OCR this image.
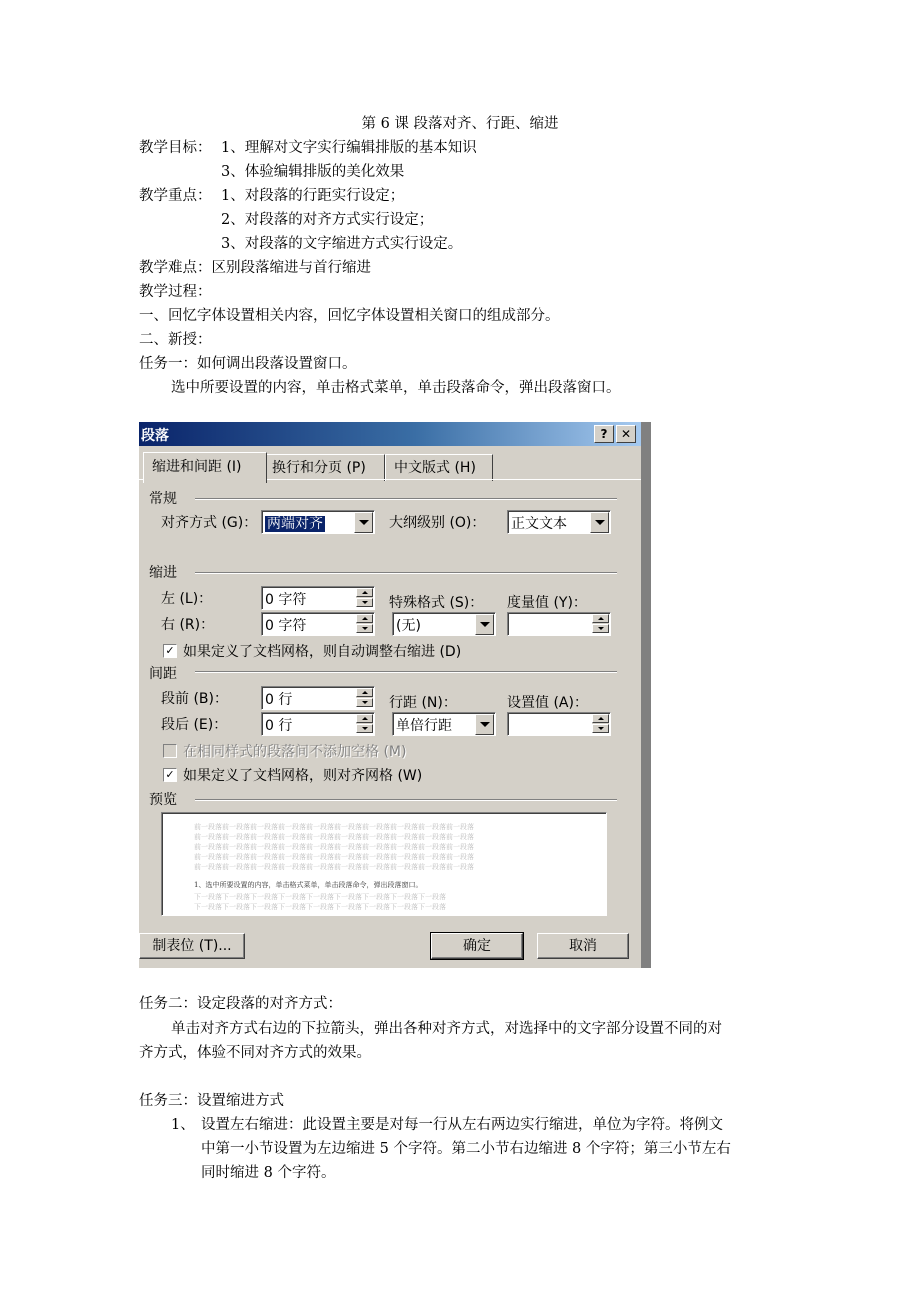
第 6 课 段落对齐、行距、缩进
教学目标： 1、理解对文字实行编辑排版的基本知识
3、体验编辑排版的美化效果
教学重点： 1、对段落的行距实行设定；
2、对段落的对齐方式实行设定；
3、对段落的文字缩进方式实行设定。
教学难点：区别段落缩进与首行缩进
教学过程：
一、回忆字体设置相关内容，回忆字体设置相关窗口的组成部分。
二、新授：
任务一：如何调出段落设置窗口。
选中所要设置的内容，单击格式菜单，单击段落命令，弹出段落窗口。
段落	?	✕
缩进和间距 (I)	换行和分页 (P)	中文版式 (H)
常规
对齐方式 (G)： 两端对齐	大纲级别 (O)： 正文文本
缩进
左 (L)：	0 字符	特殊格式 (S)： 度量值 (Y)：
右 (R)：	0 字符	(无)
✓ 如果定义了文档网格，则自动调整右缩进 (D)
间距
段前 (B)：	0 行	行距 (N)：	设置值 (A)：
段后 (E)：	0 行	单倍行距
在相同样式的段落间不添加空格 (M)
✓ 如果定义了文档网格，则对齐网格 (W)
预览
前一段落前一段落前一段落前一段落前一段落前一段落前一段落前一段落前一段落前一段落
前一段落前一段落前一段落前一段落前一段落前一段落前一段落前一段落前一段落前一段落
前一段落前一段落前一段落前一段落前一段落前一段落前一段落前一段落前一段落前一段落
前一段落前一段落前一段落前一段落前一段落前一段落前一段落前一段落前一段落前一段落
前一段落前一段落前一段落前一段落前一段落前一段落前一段落前一段落前一段落前一段落
1、选中所要设置的内容，单击格式菜单，单击段落命令，弹出段落窗口。
下一段落下一段落下一段落下一段落下一段落下一段落下一段落下一段落下一段落
下一段落下一段落下一段落下一段落下一段落下一段落下一段落下一段落下一段落
制表位 (T)...	确定	取消
任务二：设定段落的对齐方式：
单击对齐方式右边的下拉箭头，弹出各种对齐方式，对选择中的文字部分设置不同的对
齐方式，体验不同对齐方式的效果。
任务三：设置缩进方式
1、 设置左右缩进：此设置主要是对每一行从左右两边实行缩进，单位为字符。将例文
中第一小节设置为左边缩进 5 个字符。第二小节右边缩进 8 个字符；第三小节左右
同时缩进 8 个字符。
